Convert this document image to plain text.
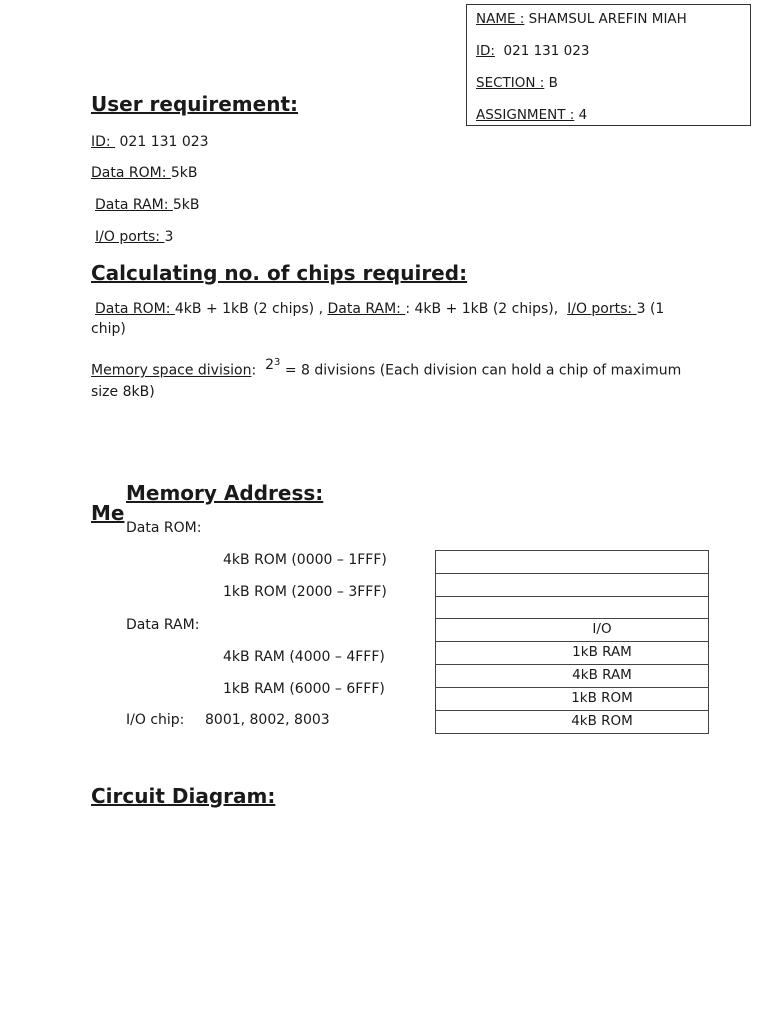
NAME : SHAMSUL AREFIN MIAH
ID:  021 131 023
SECTION : B
ASSIGNMENT : 4
User requirement:
ID:  021 131 023
Data ROM: 5kB
Data RAM: 5kB
I/O ports: 3
Calculating no. of chips required:
Data ROM: 4kB + 1kB (2 chips) , Data RAM: : 4kB + 1kB (2 chips),  I/O ports: 3 (1
chip)
Memory space division:  $2^3 = 8$ divisions (Each division can hold a chip of maximum
size 8kB)
Memory Address:
Me
Data ROM:
4kB ROM (0000 – 1FFF)
1kB ROM (2000 – 3FFF)
Data RAM:
4kB RAM (4000 – 4FFF)
1kB RAM (6000 – 6FFF)
I/O chip: 8001, 8002, 8003
I/O
1kB RAM
4kB RAM
1kB ROM
4kB ROM
Circuit Diagram:
